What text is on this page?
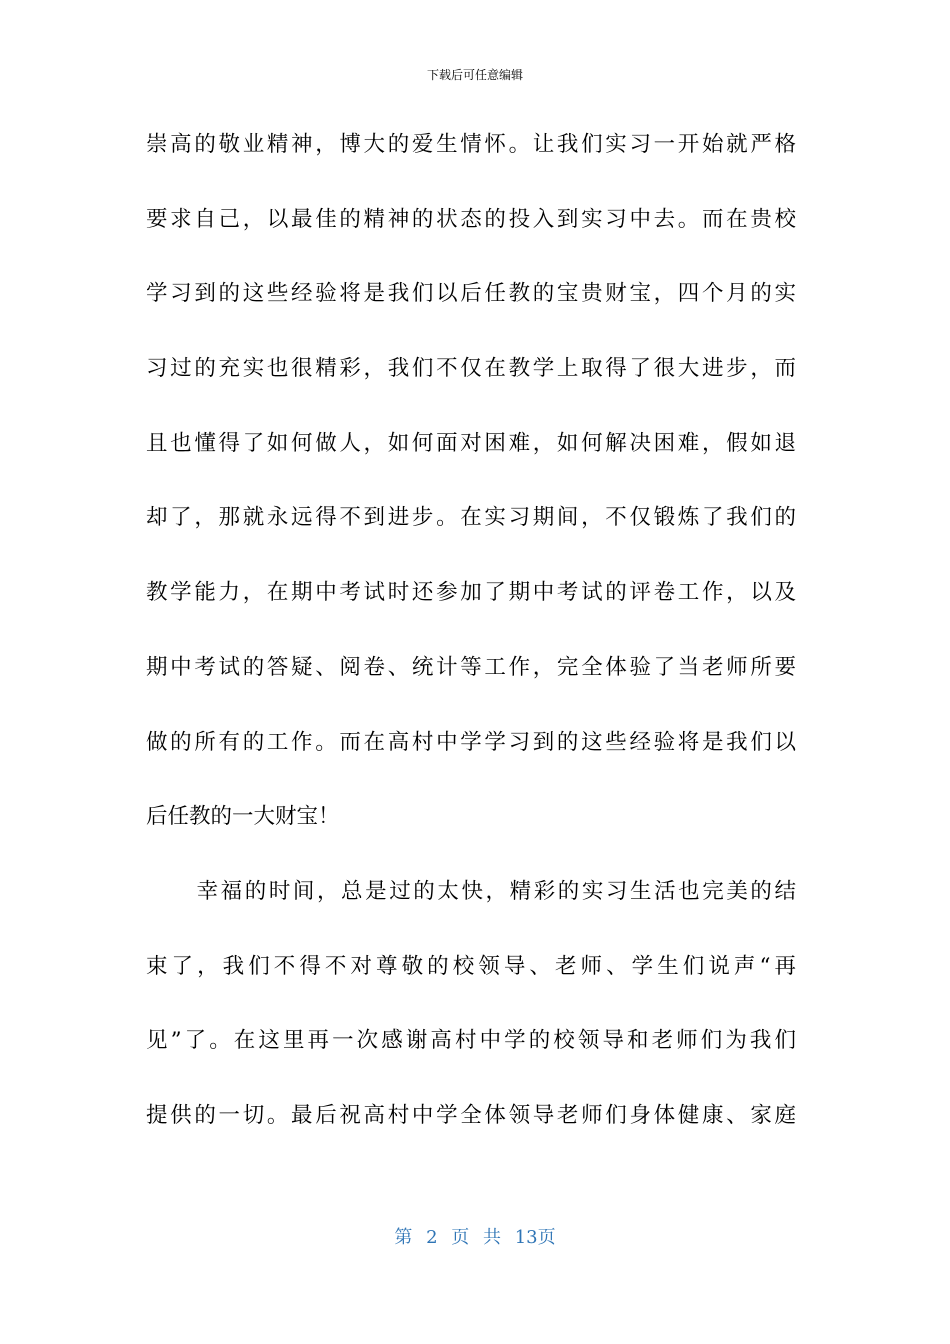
下载后可任意编辑
崇高的敬业精神，博大的爱生情怀。让我们实习一开始就严格
要求自己，以最佳的精神的状态的投入到实习中去。而在贵校
学习到的这些经验将是我们以后任教的宝贵财宝，四个月的实
习过的充实也很精彩，我们不仅在教学上取得了很大进步，而
且也懂得了如何做人，如何面对困难，如何解决困难，假如退
却了，那就永远得不到进步。在实习期间，不仅锻炼了我们的
教学能力，在期中考试时还参加了期中考试的评卷工作，以及
期中考试的答疑、阅卷、统计等工作，完全体验了当老师所要
做的所有的工作。而在高村中学学习到的这些经验将是我们以
后任教的一大财宝！
幸福的时间，总是过的太快，精彩的实习生活也完美的结
束了，我们不得不对尊敬的校领导、老师、学生们说声“再
见”了。在这里再一次感谢高村中学的校领导和老师们为我们
提供的一切。最后祝高村中学全体领导老师们身体健康、家庭
第 2 页 共 13页
